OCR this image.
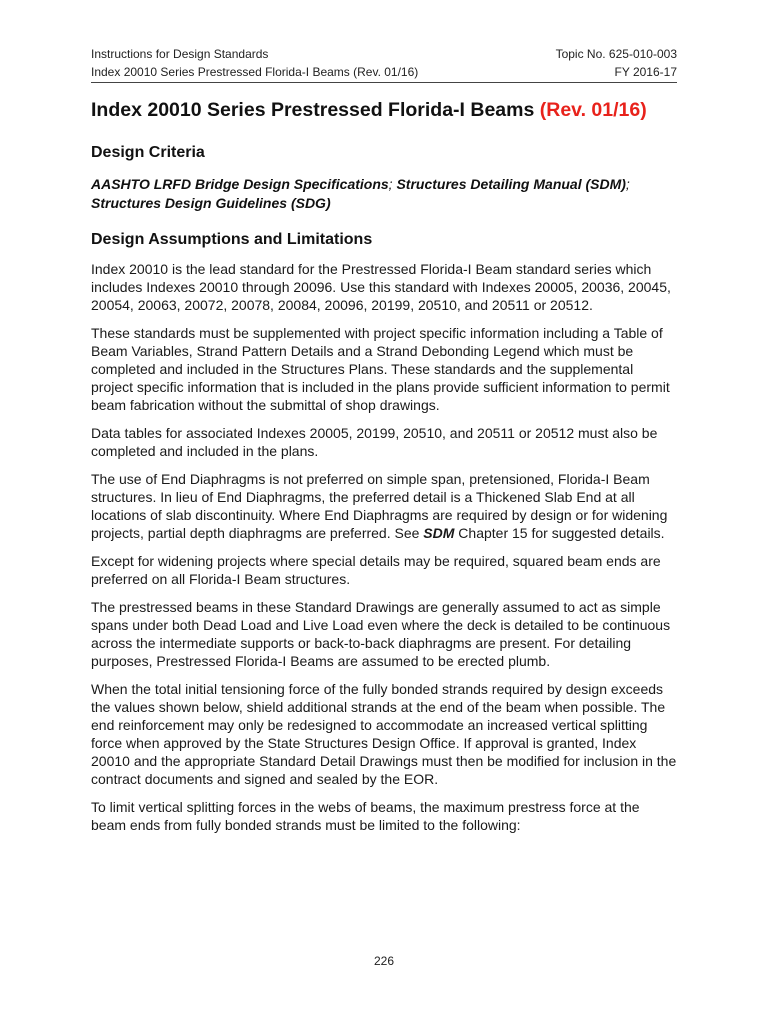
Instructions for Design Standards	Topic No. 625-010-003
Index 20010 Series Prestressed Florida-I Beams (Rev. 01/16)	FY 2016-17
Index 20010 Series Prestressed Florida-I Beams (Rev. 01/16)
Design Criteria
AASHTO LRFD Bridge Design Specifications; Structures Detailing Manual (SDM);
Structures Design Guidelines (SDG)
Design Assumptions and Limitations

Index 20010 is the lead standard for the Prestressed Florida-I Beam standard series which includes Indexes 20010 through 20096. Use this standard with Indexes 20005, 20036, 20045, 20054, 20063, 20072, 20078, 20084, 20096, 20199, 20510, and 20511 or 20512.

These standards must be supplemented with project specific information including a Table of Beam Variables, Strand Pattern Details and a Strand Debonding Legend which must be completed and included in the Structures Plans. These standards and the supplemental project specific information that is included in the plans provide sufficient information to permit beam fabrication without the submittal of shop drawings.

Data tables for associated Indexes 20005, 20199, 20510, and 20511 or 20512 must also be completed and included in the plans.

The use of End Diaphragms is not preferred on simple span, pretensioned, Florida-I Beam structures. In lieu of End Diaphragms, the preferred detail is a Thickened Slab End at all locations of slab discontinuity. Where End Diaphragms are required by design or for widening projects, partial depth diaphragms are preferred. See SDM Chapter 15 for suggested details.

Except for widening projects where special details may be required, squared beam ends are preferred on all Florida-I Beam structures.

The prestressed beams in these Standard Drawings are generally assumed to act as simple spans under both Dead Load and Live Load even where the deck is detailed to be continuous across the intermediate supports or back-to-back diaphragms are present. For detailing purposes, Prestressed Florida-I Beams are assumed to be erected plumb.

When the total initial tensioning force of the fully bonded strands required by design exceeds the values shown below, shield additional strands at the end of the beam when possible. The end reinforcement may only be redesigned to accommodate an increased vertical splitting force when approved by the State Structures Design Office. If approval is granted, Index 20010 and the appropriate Standard Detail Drawings must then be modified for inclusion in the contract documents and signed and sealed by the EOR.

To limit vertical splitting forces in the webs of beams, the maximum prestress force at the beam ends from fully bonded strands must be limited to the following:

226
